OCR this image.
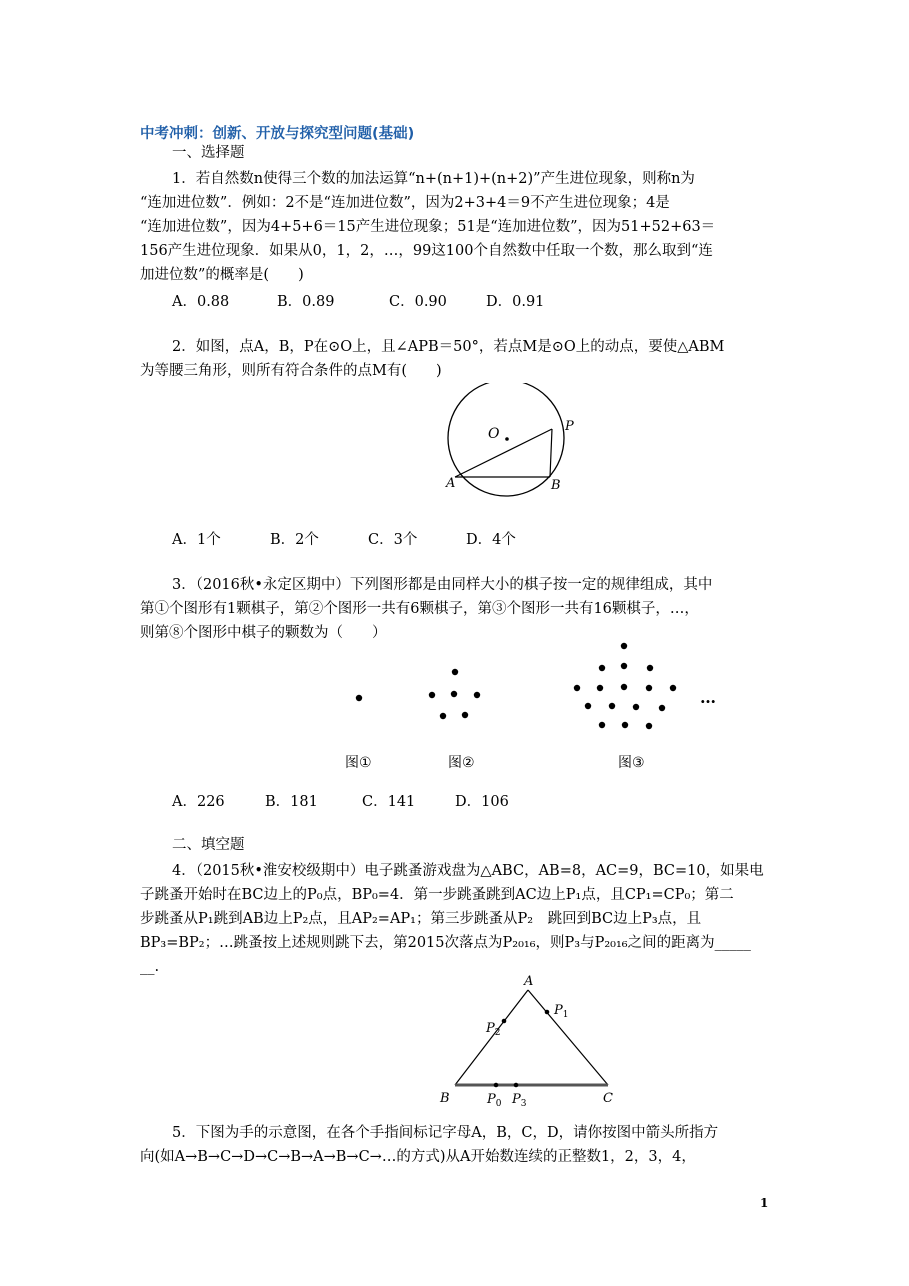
中考冲刺：创新、开放与探究型问题(基础)
一、选择题
1．若自然数n使得三个数的加法运算“n+(n+1)+(n+2)”产生进位现象，则称n为
“连加进位数”．例如：2不是“连加进位数”，因为2+3+4＝9不产生进位现象；4是
“连加进位数”，因为4+5+6＝15产生进位现象；51是“连加进位数”，因为51+52+63＝
156产生进位现象．如果从0，1，2，…，99这100个自然数中任取一个数，那么取到“连
加进位数”的概率是(　　)
A．0.88	B．0.89	C．0.90	D．0.91
2．如图，点A，B，P在⊙O上，且∠APB＝50°，若点M是⊙O上的动点，要使△ABM
为等腰三角形，则所有符合条件的点M有(　　)
O	P
A	B
A．1个	B．2个	C．3个	D．4个
3．（2016秋•永定区期中）下列图形都是由同样大小的棋子按一定的规律组成，其中
第①个图形有1颗棋子，第②个图形一共有6颗棋子，第③个图形一共有16颗棋子，…，
则第⑧个图形中棋子的颗数为（　　）
…
图①	图②	图③
A．226	B．181	C．141	D．106
二、填空题
4．（2015秋•淮安校级期中）电子跳蚤游戏盘为△ABC，AB=8，AC=9，BC=10，如果电
子跳蚤开始时在BC边上的P₀点，BP₀=4．第一步跳蚤跳到AC边上P₁点，且CP₁=CP₀；第二
步跳蚤从P₁跳到AB边上P₂点，且AP₂=AP₁；第三步跳蚤从P₂　跳回到BC边上P₃点，且
BP₃=BP₂；…跳蚤按上述规则跳下去，第2015次落点为P₂₀₁₆，则P₃与P₂₀₁₆之间的距离为_____
__.
A
B	C
$P_2$
$P_1$
$P_0$ $P_3$
5．下图为手的示意图，在各个手指间标记字母A，B，C，D，请你按图中箭头所指方
向(如A→B→C→D→C→B→A→B→C→…的方式)从A开始数连续的正整数1，2，3，4，
1
